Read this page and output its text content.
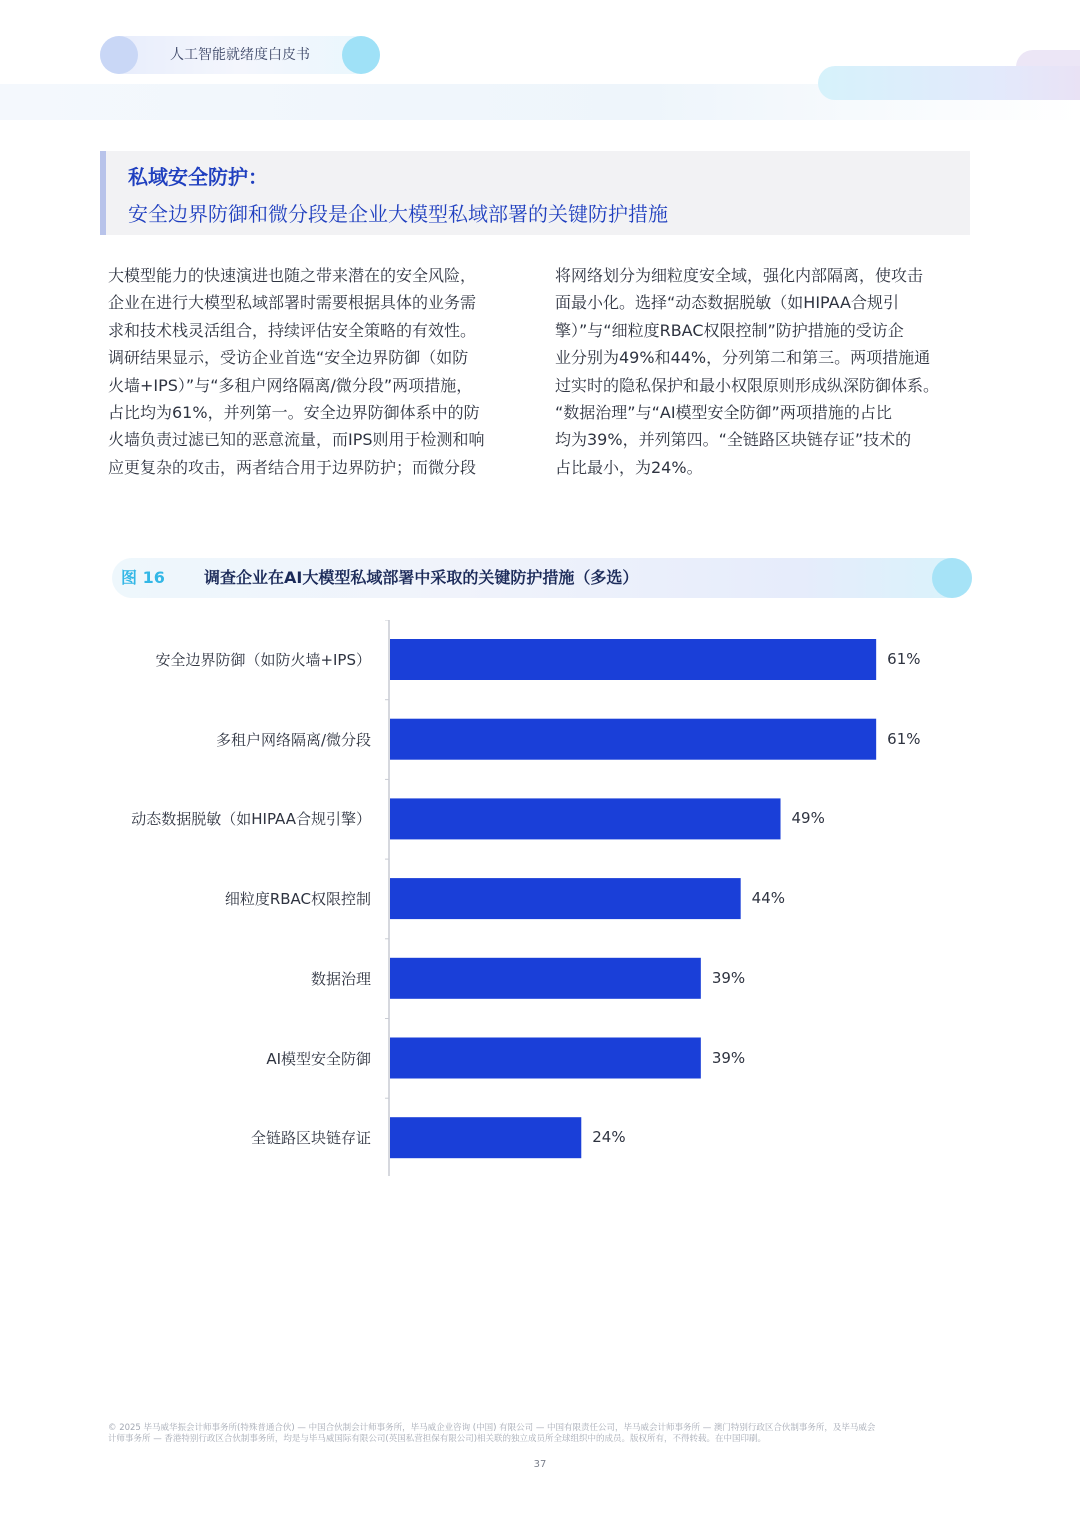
人工智能就绪度白皮书
私域安全防护：
安全边界防御和微分段是企业大模型私域部署的关键防护措施
大模型能力的快速演进也随之带来潜在的安全风险，
企业在进行大模型私域部署时需要根据具体的业务需
求和技术栈灵活组合，持续评估安全策略的有效性。
调研结果显示，受访企业首选“安全边界防御（如防
火墙+IPS）”与“多租户网络隔离/微分段”两项措施，
占比均为61%，并列第一。安全边界防御体系中的防
火墙负责过滤已知的恶意流量，而IPS则用于检测和响
应更复杂的攻击，两者结合用于边界防护；而微分段
将网络划分为细粒度安全域，强化内部隔离，使攻击
面最小化。选择“动态数据脱敏（如HIPAA合规引
擎）”与“细粒度RBAC权限控制”防护措施的受访企
业分别为49%和44%，分列第二和第三。两项措施通
过实时的隐私保护和最小权限原则形成纵深防御体系。
“数据治理”与“AI模型安全防御”两项措施的占比
均为39%，并列第四。“全链路区块链存证”技术的
占比最小，为24%。
图 16 调查企业在AI大模型私域部署中采取的关键防护措施（多选）
安全边界防御（如防火墙+IPS）	61%
多租户网络隔离/微分段	61%
动态数据脱敏（如HIPAA合规引擎）	49%
细粒度RBAC权限控制	44%
数据治理	39%
AI模型安全防御	39%
全链路区块链存证	24%
© 2025 毕马威华振会计师事务所(特殊普通合伙) — 中国合伙制会计师事务所，毕马威企业咨询 (中国) 有限公司 — 中国有限责任公司，毕马威会计师事务所 — 澳门特别行政区合伙制事务所，及毕马威会
计师事务所 — 香港特别行政区合伙制事务所，均是与毕马威国际有限公司(英国私营担保有限公司)相关联的独立成员所全球组织中的成员。版权所有，不得转载。在中国印刷。
37
